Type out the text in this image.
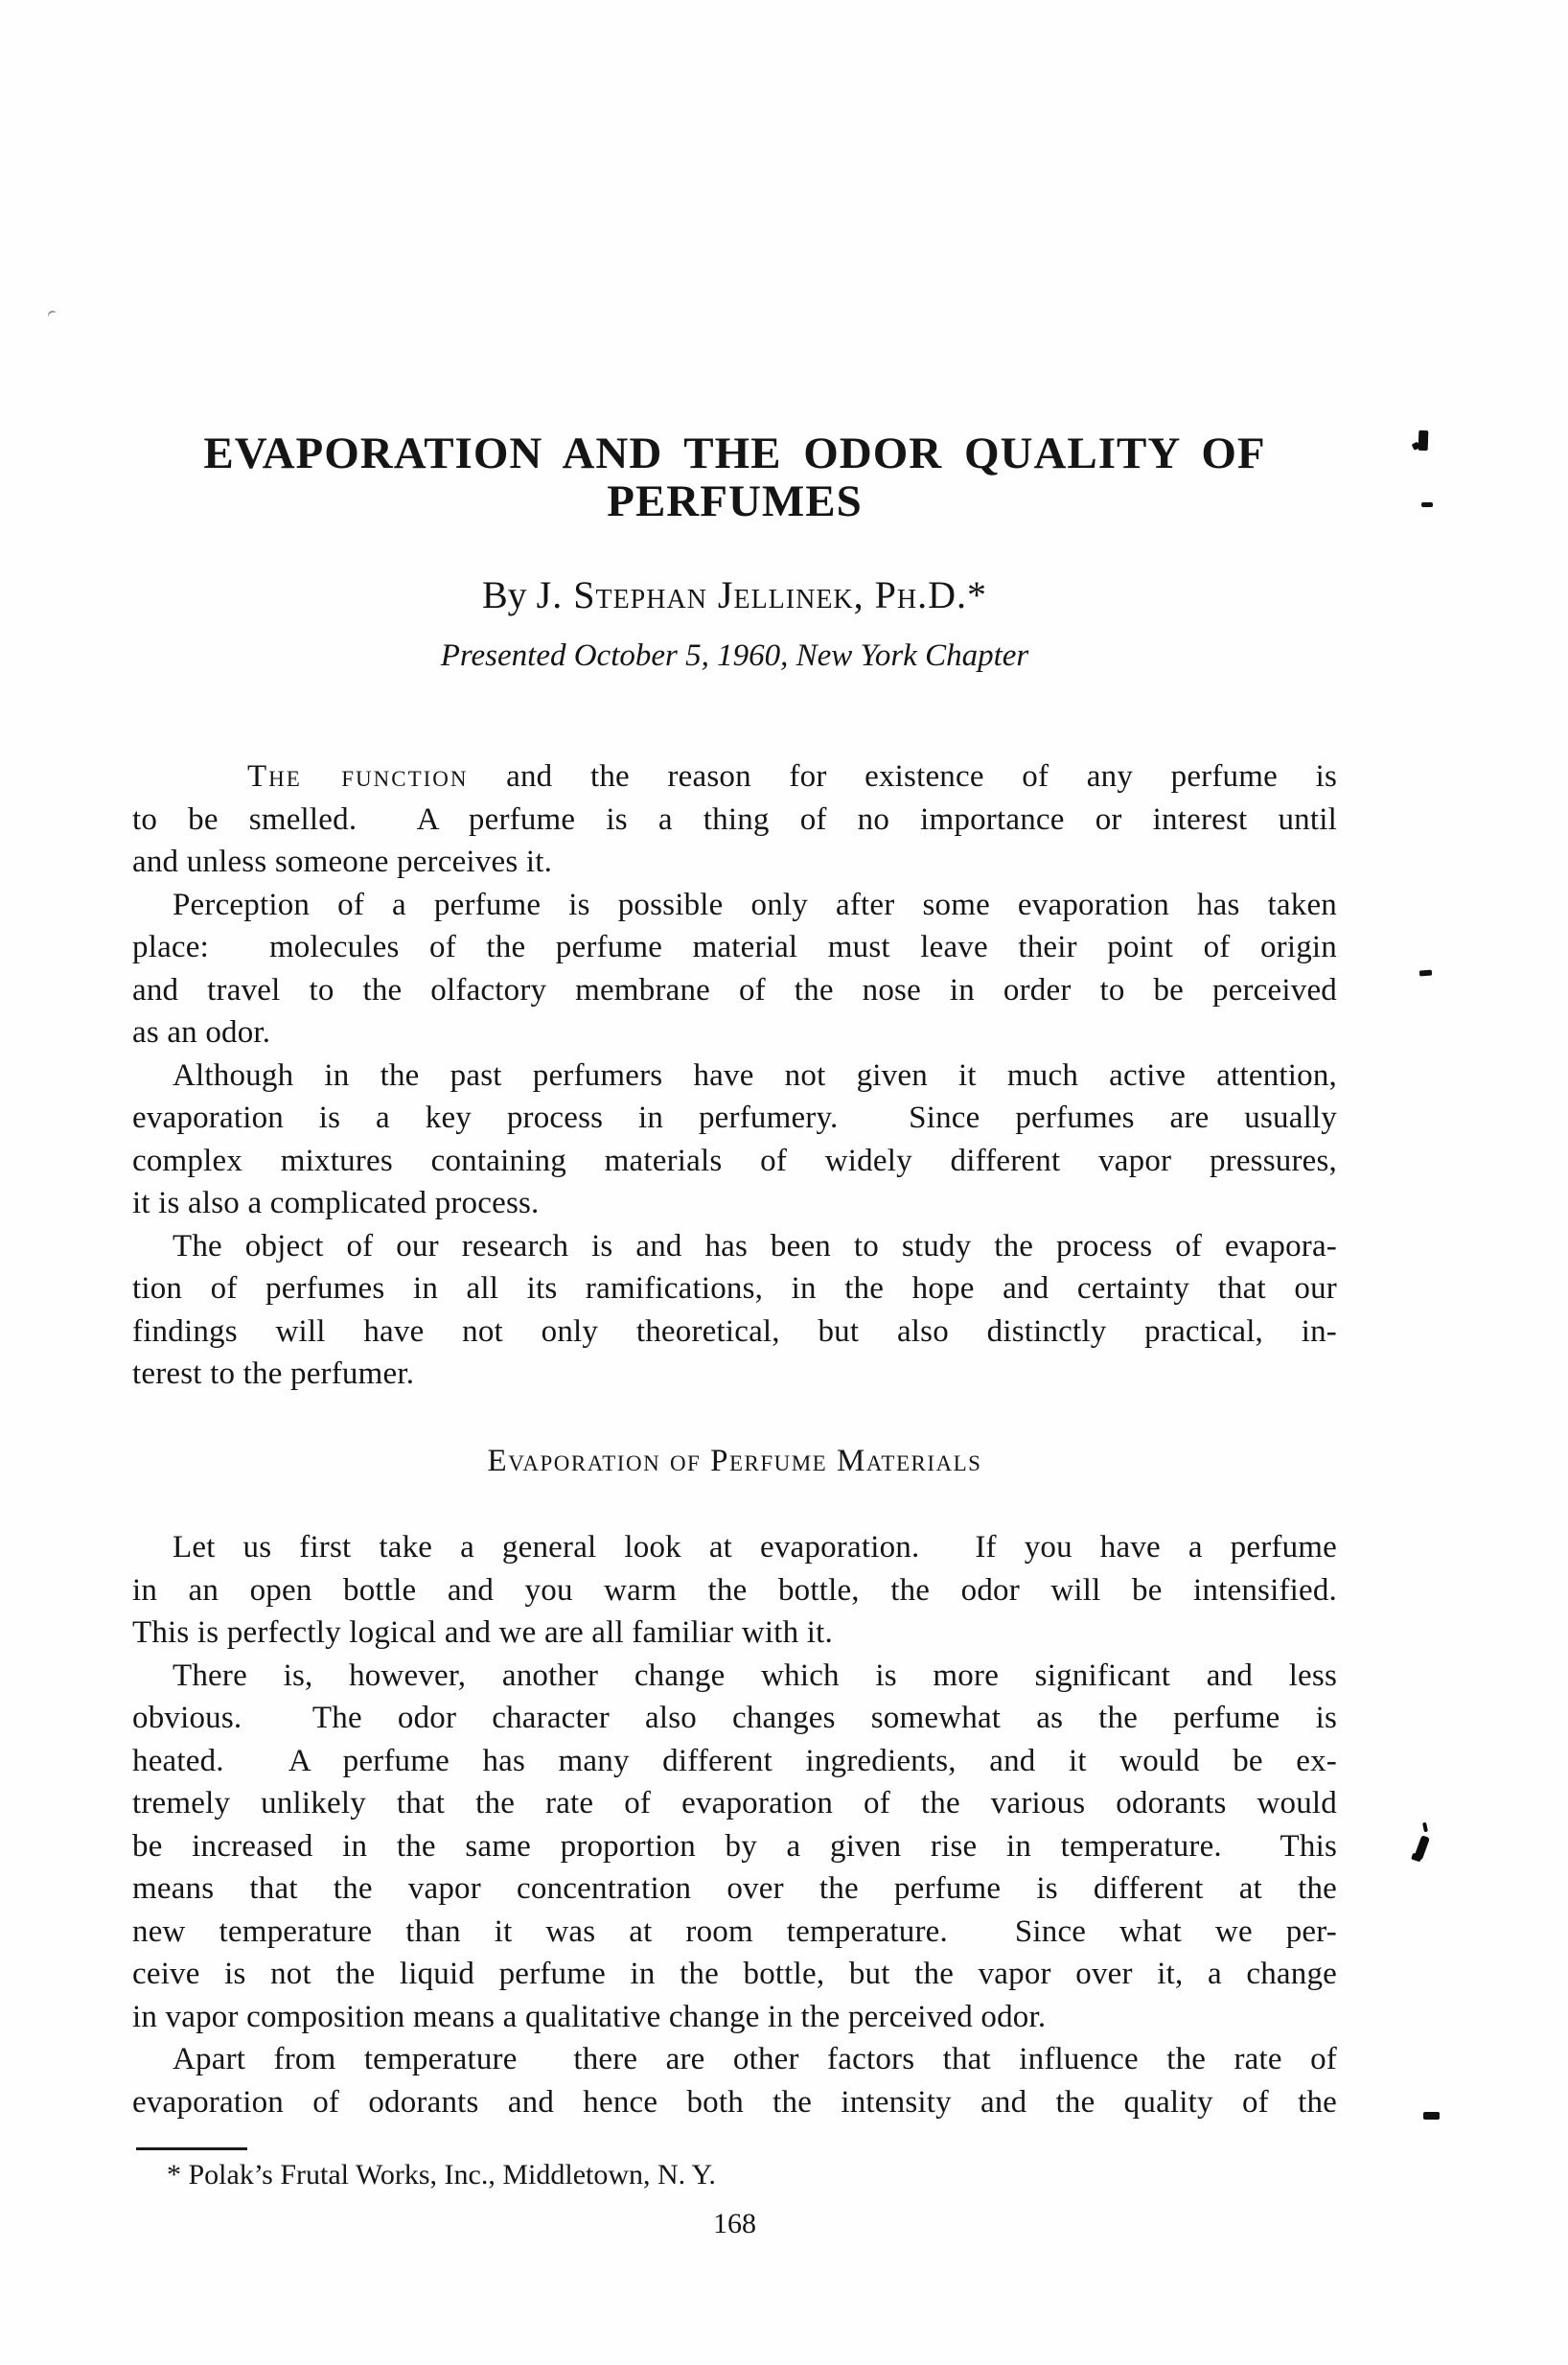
EVAPORATION AND THE ODOR QUALITY OF
PERFUMES
By J. Stephan Jellinek, Ph.D.*
Presented October 5, 1960, New York Chapter
The function and the reason for existence of any perfume is
to be smelled.  A perfume is a thing of no importance or interest until
and unless someone perceives it.
Perception of a perfume is possible only after some evaporation has taken
place:  molecules of the perfume material must leave their point of origin
and travel to the olfactory membrane of the nose in order to be perceived
as an odor.
Although in the past perfumers have not given it much active attention,
evaporation is a key process in perfumery.  Since perfumes are usually
complex mixtures containing materials of widely different vapor pressures,
it is also a complicated process.
The object of our research is and has been to study the process of evapora-
tion of perfumes in all its ramifications, in the hope and certainty that our
findings will have not only theoretical, but also distinctly practical, in-
terest to the perfumer.
Evaporation of Perfume Materials
Let us first take a general look at evaporation.  If you have a perfume
in an open bottle and you warm the bottle, the odor will be intensified.
This is perfectly logical and we are all familiar with it.
There is, however, another change which is more significant and less
obvious.  The odor character also changes somewhat as the perfume is
heated.  A perfume has many different ingredients, and it would be ex-
tremely unlikely that the rate of evaporation of the various odorants would
be increased in the same proportion by a given rise in temperature.  This
means that the vapor concentration over the perfume is different at the
new temperature than it was at room temperature.  Since what we per-
ceive is not the liquid perfume in the bottle, but the vapor over it, a change
in vapor composition means a qualitative change in the perceived odor.
Apart from temperature  there are other factors that influence the rate of
evaporation of odorants and hence both the intensity and the quality of the
* Polak’s Frutal Works, Inc., Middletown, N. Y.
168
